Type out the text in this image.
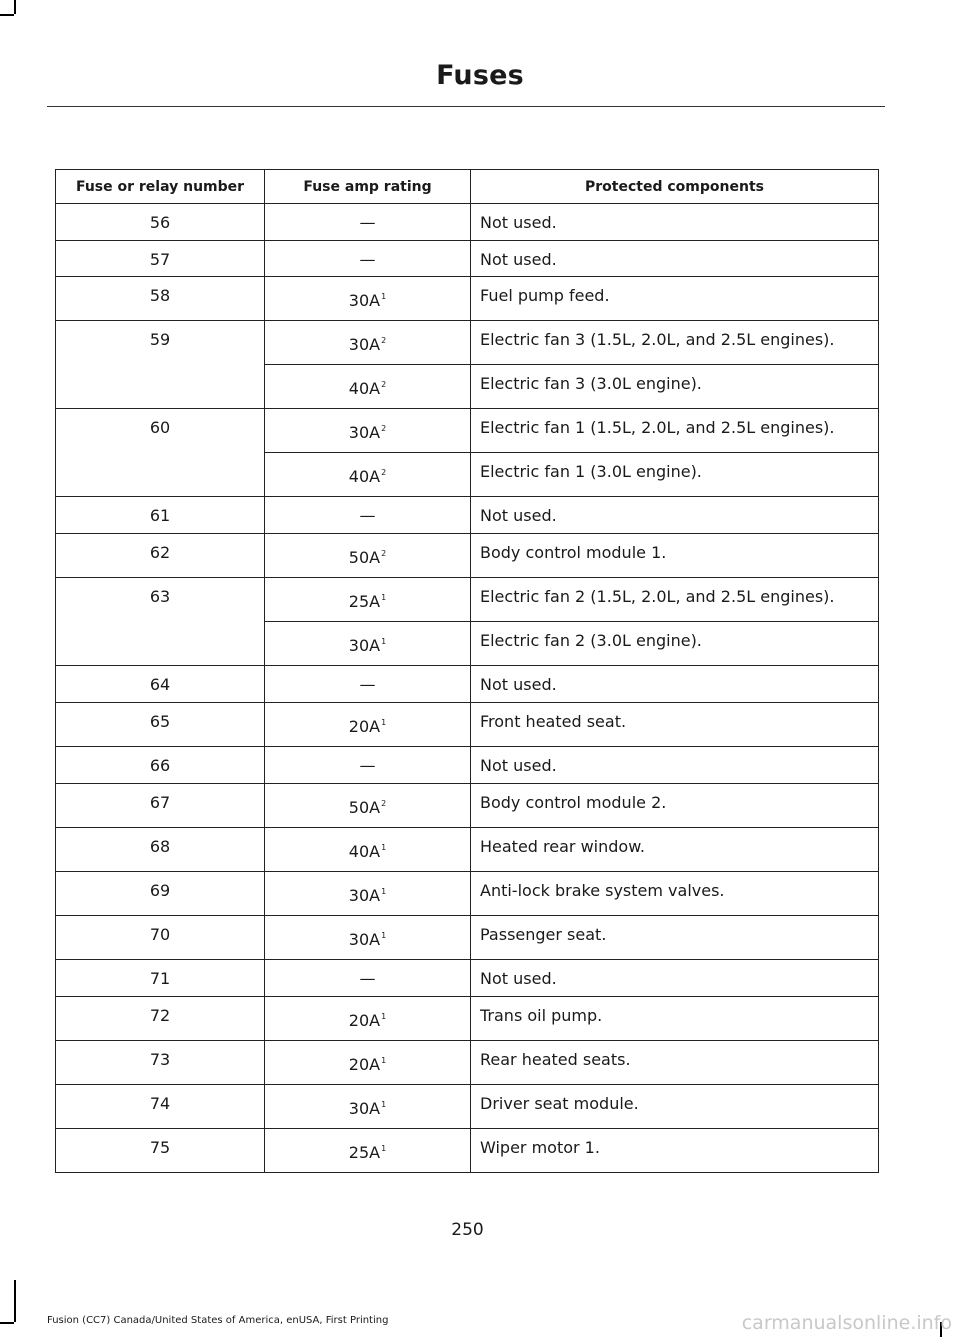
Fuses
Fuse or relay number	Fuse amp rating	Protected components
56	—	Not used.
57	—	Not used.
58	$30A^1$	Fuel pump feed.
59	$30A^2$	Electric fan 3 (1.5L, 2.0L, and 2.5L engines).
	$40A^2$	Electric fan 3 (3.0L engine).
60	$30A^2$	Electric fan 1 (1.5L, 2.0L, and 2.5L engines).
	$40A^2$	Electric fan 1 (3.0L engine).
61	—	Not used.
62	$50A^2$	Body control module 1.
63	$25A^1$	Electric fan 2 (1.5L, 2.0L, and 2.5L engines).
	$30A^1$	Electric fan 2 (3.0L engine).
64	—	Not used.
65	$20A^1$	Front heated seat.
66	—	Not used.
67	$50A^2$	Body control module 2.
68	$40A^1$	Heated rear window.
69	$30A^1$	Anti-lock brake system valves.
70	$30A^1$	Passenger seat.
71	—	Not used.
72	$20A^1$	Trans oil pump.
73	$20A^1$	Rear heated seats.
74	$30A^1$	Driver seat module.
75	$25A^1$	Wiper motor 1.
250
Fusion (CC7) Canada/United States of America, enUSA, First Printing	carmanualsonline.info
